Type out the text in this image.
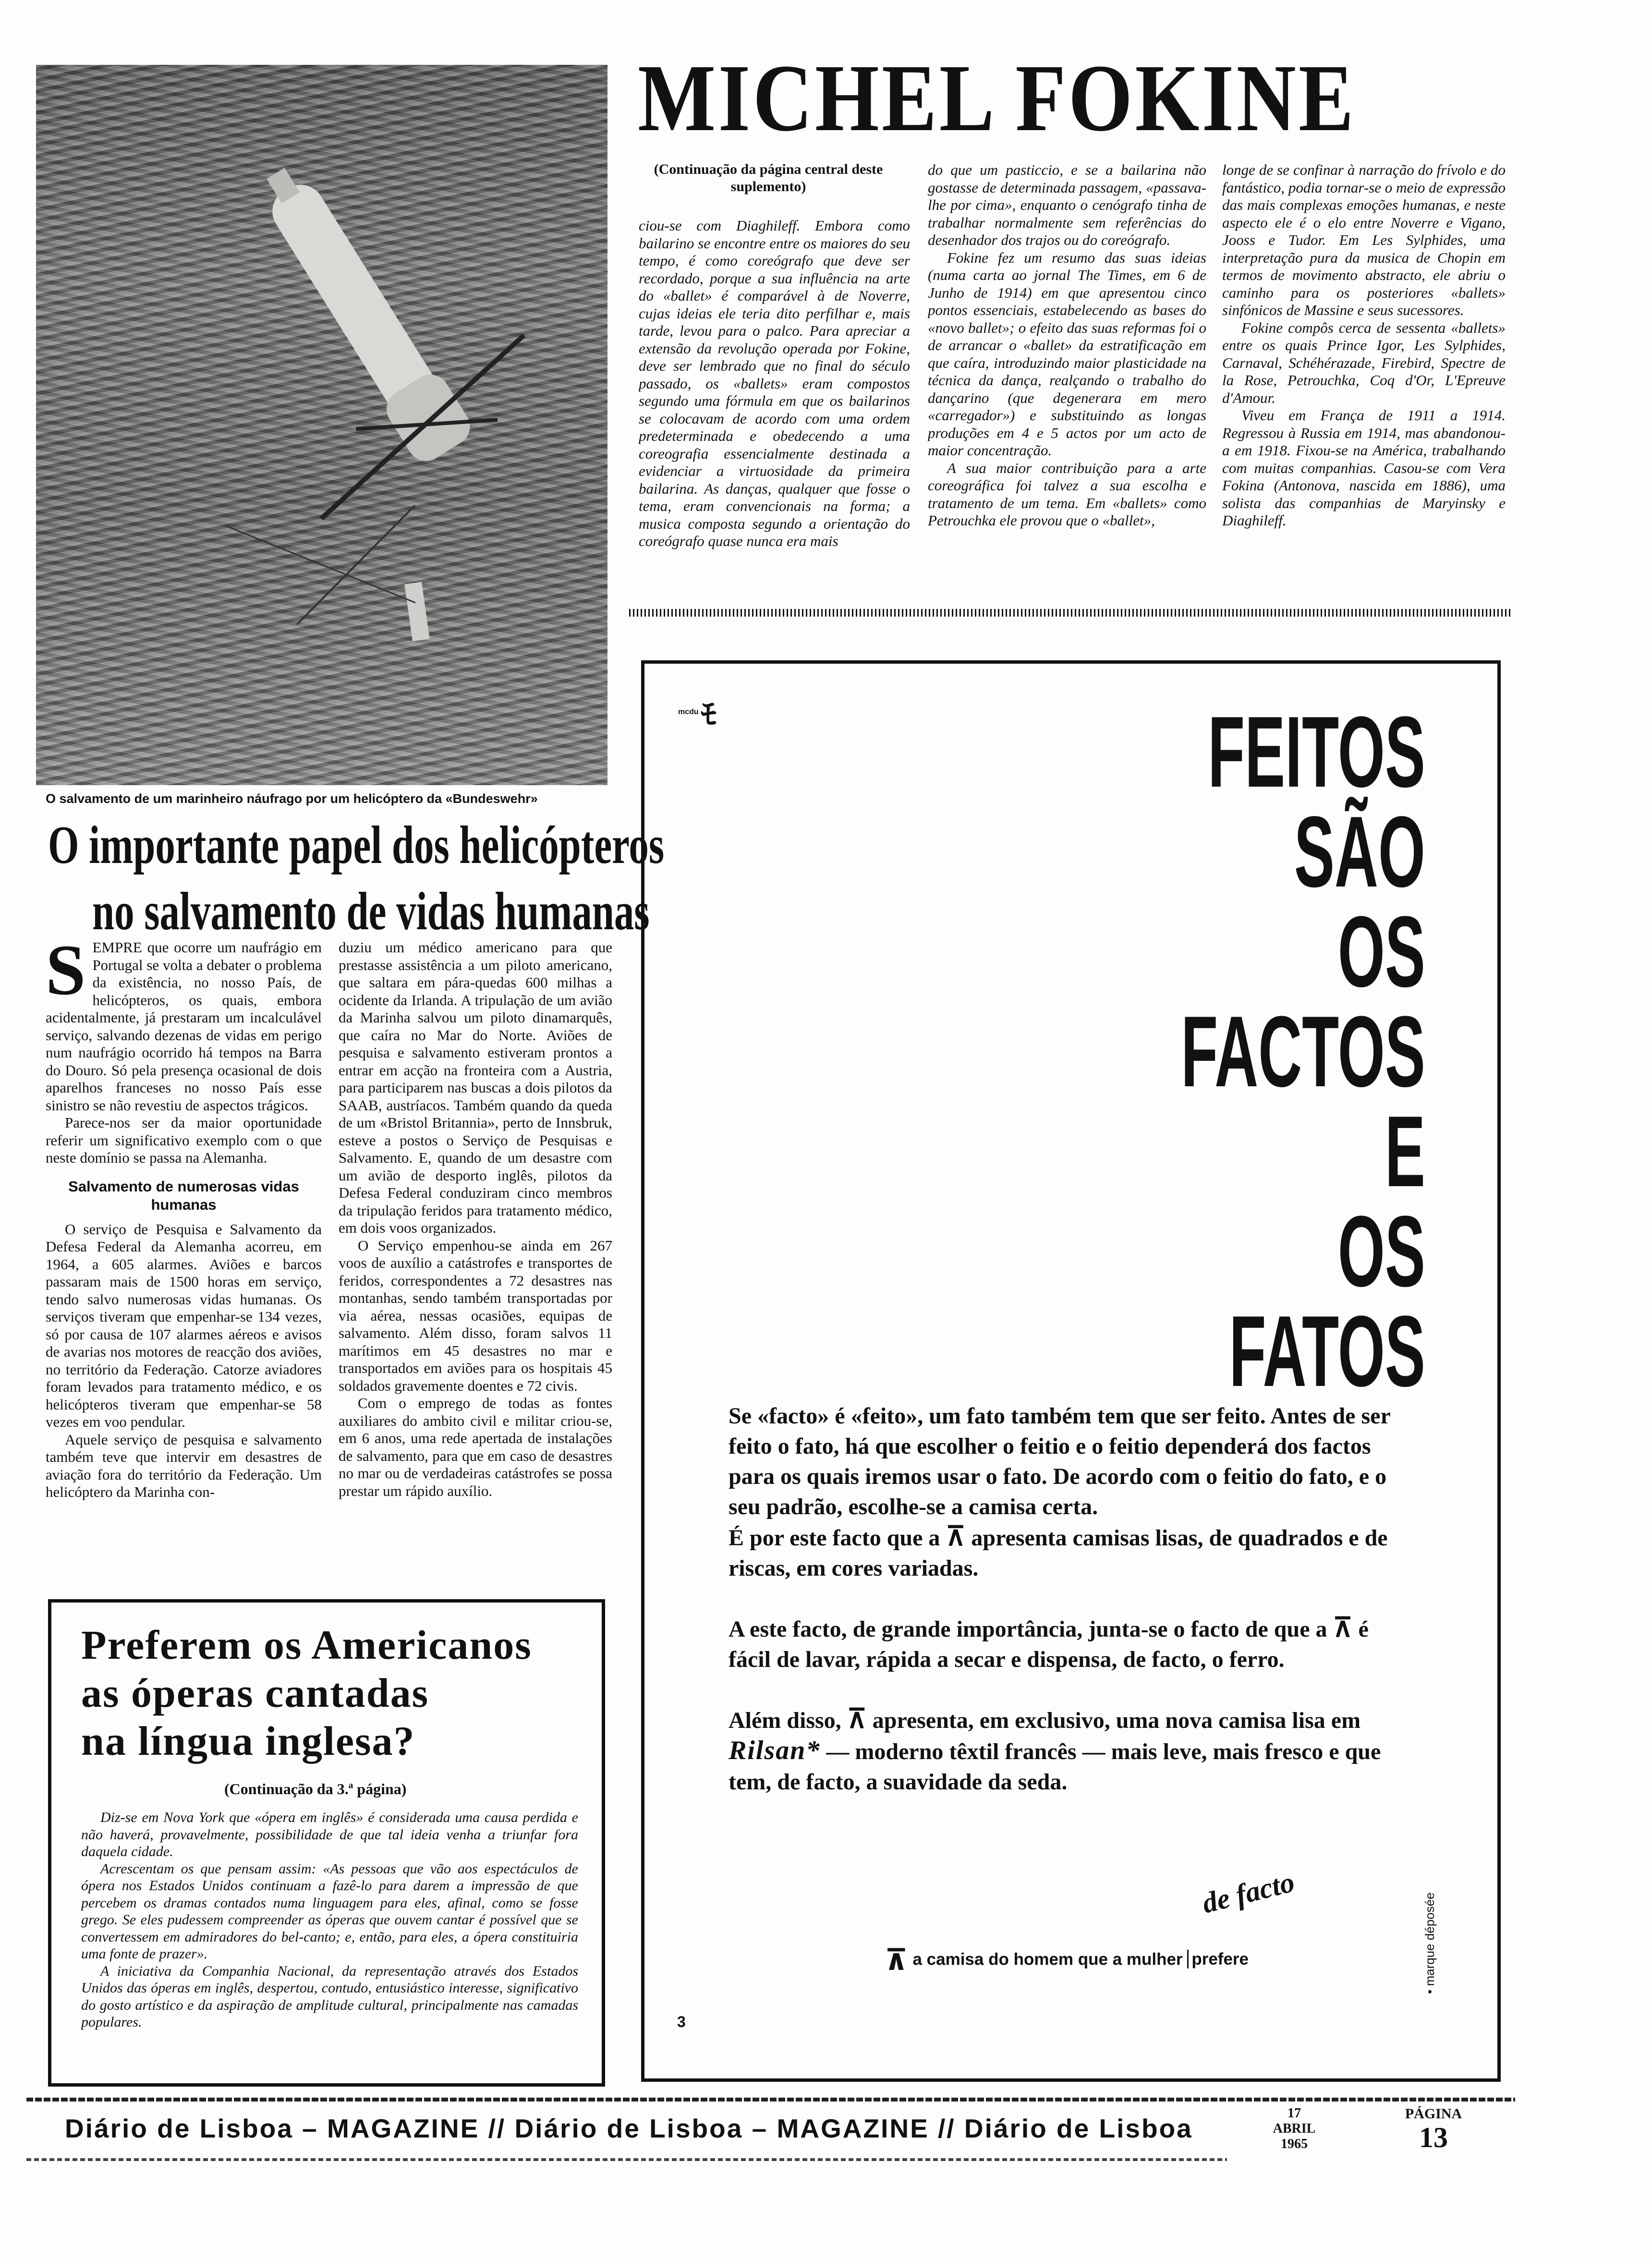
O salvamento de um marinheiro náufrago por um helicóptero da «Bundeswehr»
MICHEL FOKINE
(Continuação da página central deste suplemento)

ciou-se com Diaghileff. Embora como bailarino se encontre entre os maiores do seu tempo, é como coreógrafo que deve ser recordado, porque a sua influência na arte do «ballet» é comparável à de Noverre, cujas ideias ele teria dito perfilhar e, mais tarde, levou para o palco. Para apreciar a extensão da revolução operada por Fokine, deve ser lembrado que no final do século passado, os «ballets» eram compostos segundo uma fórmula em que os bailarinos se colocavam de acordo com uma ordem predeterminada e obedecendo a uma coreografia essencialmente destinada a evidenciar a virtuosidade da primeira bailarina. As danças, qualquer que fosse o tema, eram convencionais na forma; a musica composta segundo a orientação do coreógrafo quase nunca era mais

do que um pasticcio, e se a bailarina não gostasse de determinada passagem, «passava-lhe por cima», enquanto o cenógrafo tinha de trabalhar normalmente sem referências do desenhador dos trajos ou do coreógrafo.

Fokine fez um resumo das suas ideias (numa carta ao jornal The Times, em 6 de Junho de 1914) em que apresentou cinco pontos essenciais, estabelecendo as bases do «novo ballet»; o efeito das suas reformas foi o de arrancar o «ballet» da estratificação em que caíra, introduzindo maior plasticidade na técnica da dança, realçando o trabalho do dançarino (que degenerara em mero «carregador») e substituindo as longas produções em 4 e 5 actos por um acto de maior concentração.

A sua maior contribuição para a arte coreográfica foi talvez a sua escolha e tratamento de um tema. Em «ballets» como Petrouchka ele provou que o «ballet»,

longe de se confinar à narração do frívolo e do fantástico, podia tornar-se o meio de expressão das mais complexas emoções humanas, e neste aspecto ele é o elo entre Noverre e Vigano, Jooss e Tudor. Em Les Sylphides, uma interpretação pura da musica de Chopin em termos de movimento abstracto, ele abriu o caminho para os posteriores «ballets» sinfónicos de Massine e seus sucessores.

Fokine compôs cerca de sessenta «ballets» entre os quais Prince Igor, Les Sylphides, Carnaval, Schéhérazade, Firebird, Spectre de la Rose, Petrouchka, Coq d'Or, L'Epreuve d'Amour.

Viveu em França de 1911 a 1914. Regressou à Russia em 1914, mas abandonou-a em 1918. Fixou-se na América, trabalhando com muitas companhias. Casou-se com Vera Fokina (Antonova, nascida em 1886), uma solista das companhias de Maryinsky e Diaghileff.

O importante papel dos helicópteros
no salvamento de vidas humanas
S EMPRE que ocorre um naufrágio em Portugal se volta a debater o problema da existência, no nosso País, de helicópteros, os quais, embora acidentalmente, já prestaram um incalculável serviço, salvando dezenas de vidas em perigo num naufrágio ocorrido há tempos na Barra do Douro. Só pela presença ocasional de dois aparelhos franceses no nosso País esse sinistro se não revestiu de aspectos trágicos.

Parece-nos ser da maior oportunidade referir um significativo exemplo com o que neste domínio se passa na Alemanha.

Salvamento de numerosas vidas humanas

O serviço de Pesquisa e Salvamento da Defesa Federal da Alemanha acorreu, em 1964, a 605 alarmes. Aviões e barcos passaram mais de 1500 horas em serviço, tendo salvo numerosas vidas humanas. Os serviços tiveram que empenhar-se 134 vezes, só por causa de 107 alarmes aéreos e avisos de avarias nos motores de reacção dos aviões, no território da Federação. Catorze aviadores foram levados para tratamento médico, e os helicópteros tiveram que empenhar-se 58 vezes em voo pendular.

Aquele serviço de pesquisa e salvamento também teve que intervir em desastres de aviação fora do território da Federação. Um helicóptero da Marinha con-

duziu um médico americano para que prestasse assistência a um piloto americano, que saltara em pára-quedas 600 milhas a ocidente da Irlanda. A tripulação de um avião da Marinha salvou um piloto dinamarquês, que caíra no Mar do Norte. Aviões de pesquisa e salvamento estiveram prontos a entrar em acção na fronteira com a Austria, para participarem nas buscas a dois pilotos da SAAB, austríacos. Também quando da queda de um «Bristol Britannia», perto de Innsbruk, esteve a postos o Serviço de Pesquisas e Salvamento. E, quando de um desastre com um avião de desporto inglês, pilotos da Defesa Federal conduziram cinco membros da tripulação feridos para tratamento médico, em dois voos organizados.

O Serviço empenhou-se ainda em 267 voos de auxílio a catástrofes e transportes de feridos, correspondentes a 72 desastres nas montanhas, sendo também transportadas por via aérea, nessas ocasiões, equipas de salvamento. Além disso, foram salvos 11 marítimos em 45 desastres no mar e transportados em aviões para os hospitais 45 soldados gravemente doentes e 72 civis.

Com o emprego de todas as fontes auxiliares do ambito civil e militar criou-se, em 6 anos, uma rede apertada de instalações de salvamento, para que em caso de desastres no mar ou de verdadeiras catástrofes se possa prestar um rápido auxílio.

Preferem os Americanos
as óperas cantadas
na língua inglesa?
(Continuação da 3.ª página)

Diz-se em Nova York que «ópera em inglês» é considerada uma causa perdida e não haverá, provavelmente, possibilidade de que tal ideia venha a triunfar fora daquela cidade.

Acrescentam os que pensam assim: «As pessoas que vão aos espectáculos de ópera nos Estados Unidos continuam a fazê-lo para darem a impressão de que percebem os dramas contados numa linguagem para eles, afinal, como se fosse grego. Se eles pudessem compreender as óperas que ouvem cantar é possível que se convertessem em admiradores do bel-canto; e, então, para eles, a ópera constituiria uma fonte de prazer».

A iniciativa da Companhia Nacional, da representação através dos Estados Unidos das óperas em inglês, despertou, contudo, entusiástico interesse, significativo do gosto artístico e da aspiração de amplitude cultural, principalmente nas camadas populares.

mcdu ﾓ	FEITOS
SÃO
OS
FACTOS
E
OS
FATOS

Se «facto» é «feito», um fato também tem que ser feito. Antes de ser feito o fato, há que escolher o feitio e o feitio dependerá dos factos para os quais iremos usar o fato. De acordo com o feitio do fato, e o seu padrão, escolhe-se a camisa certa.

É por este facto que a ⊼ apresenta camisas lisas, de quadrados e de riscas, em cores variadas.

A este facto, de grande importância, junta-se o facto de que a ⊼ é fácil de lavar, rápida a secar e dispensa, de facto, o ferro.

Além disso, ⊼ apresenta, em exclusivo, uma nova camisa lisa em Rilsan* — moderno têxtil francês — mais leve, mais fresco e que tem, de facto, a suavidade da seda.

⊼ a camisa do homem que a mulher prefere
de facto	• marque déposée
3
Diário de Lisboa – MAGAZINE // Diário de Lisboa – MAGAZINE // Diário de Lisboa
17
ABRIL
1965
PÁGINA
13
